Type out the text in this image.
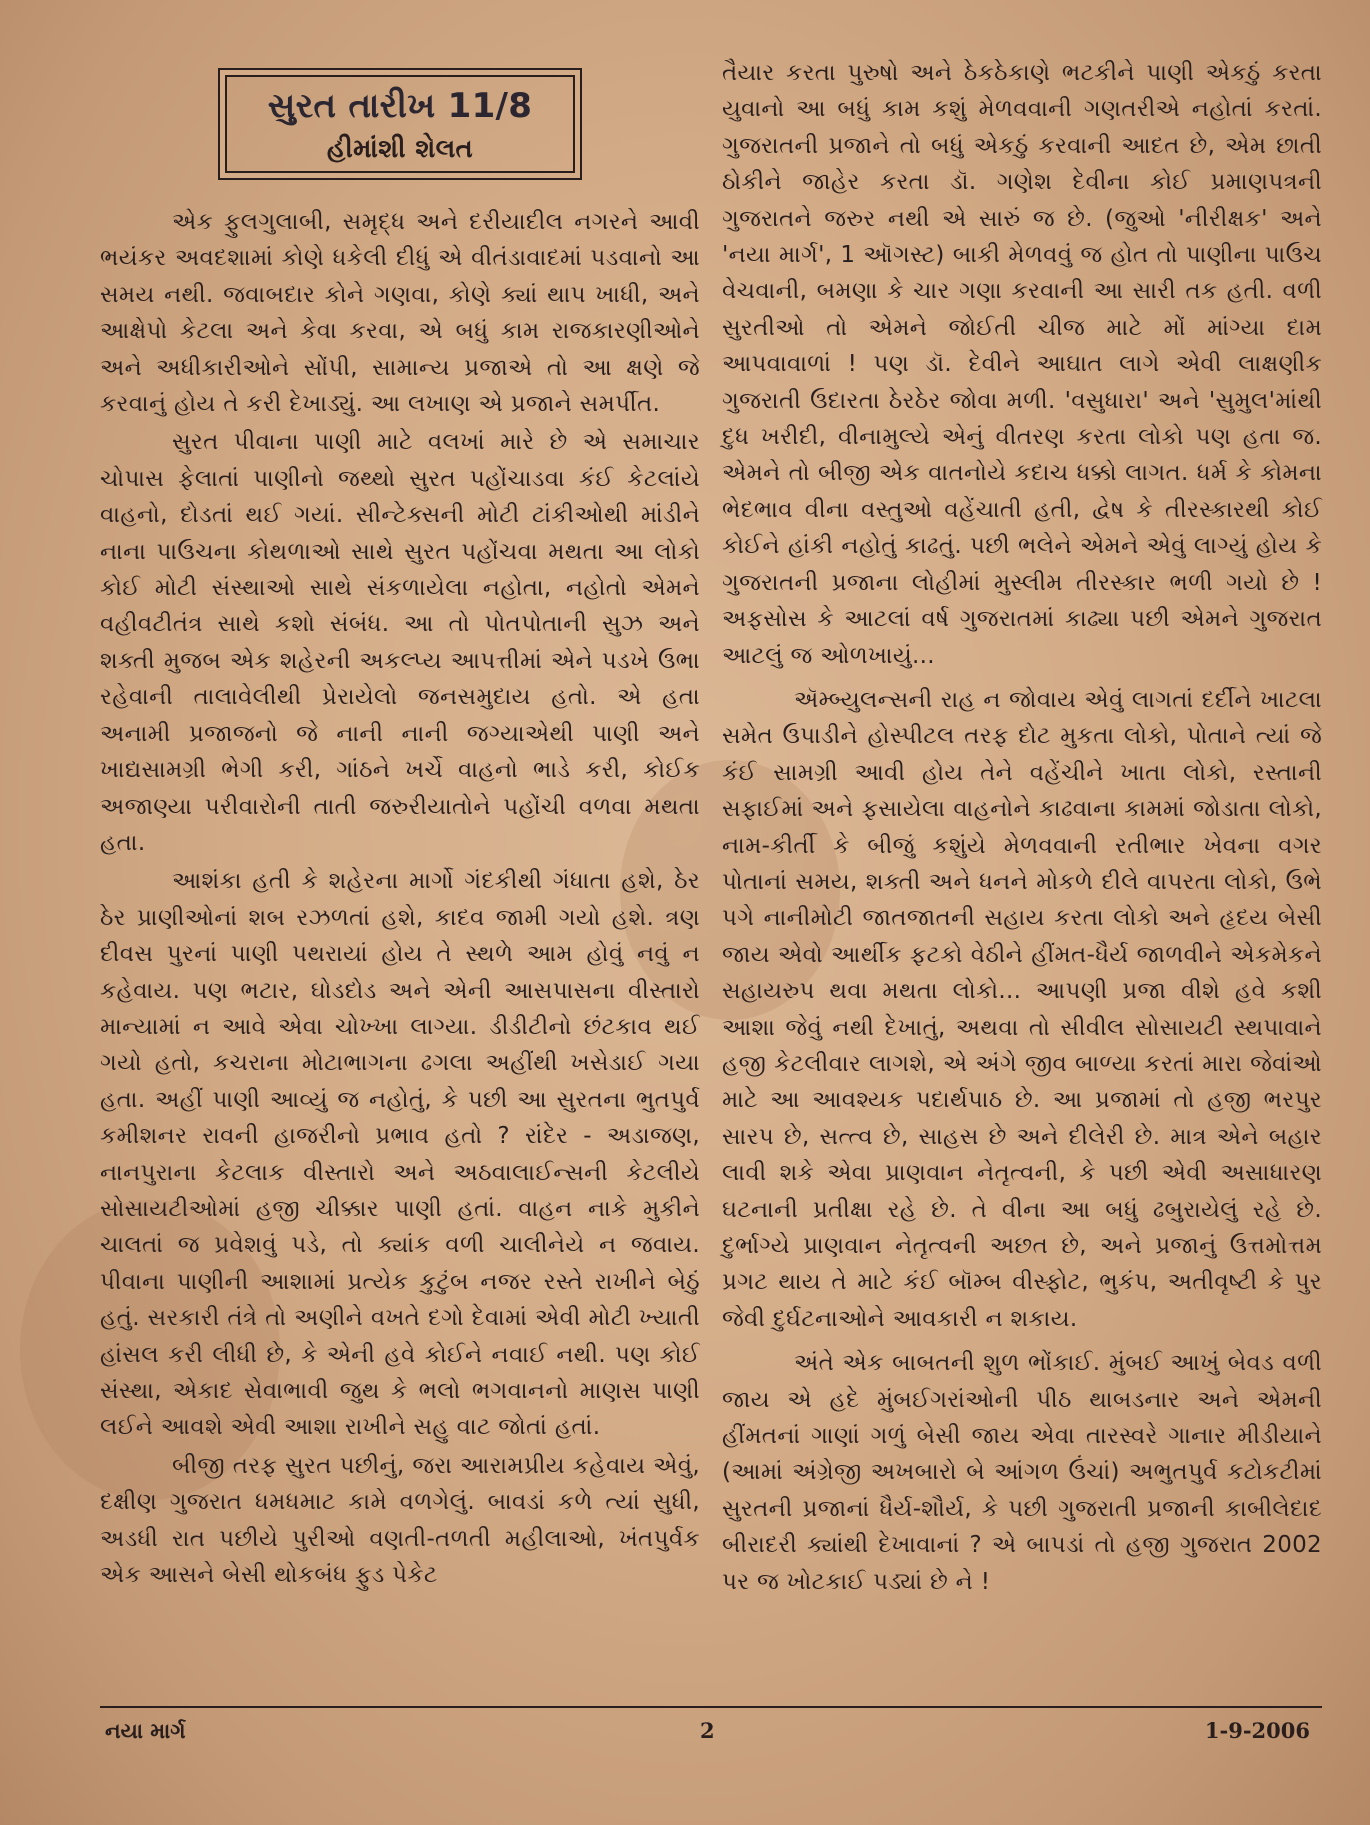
સુરત તારીખ 11/8
હીમાંશી શેલત

એક ફુલગુલાબી, સમૃદ્ધ અને દરીયાદીલ નગરને આવી ભયંકર અવદશામાં કોણે ધકેલી દીધું એ વીતંડાવાદમાં પડવાનો આ સમય નથી. જવાબદાર કોને ગણવા, કોણે ક્યાં થાપ ખાધી, અને આક્ષેપો કેટલા અને કેવા કરવા, એ બધું કામ રાજકારણીઓને અને અધીકારીઓને સોંપી, સામાન્ય પ્રજાએ તો આ ક્ષણે જે કરવાનું હોય તે કરી દેખાડ્યું. આ લખાણ એ પ્રજાને સમર્પીત.

સુરત પીવાના પાણી માટે વલખાં મારે છે એ સમાચાર ચોપાસ ફેલાતાં પાણીનો જથ્થો સુરત પહોંચાડવા કંઈ કેટલાંયે વાહનો, દોડતાં થઈ ગયાં. સીન્ટેક્સની મોટી ટાંકીઓથી માંડીને નાના પાઉચના કોથળાઓ સાથે સુરત પહોંચવા મથતા આ લોકો કોઈ મોટી સંસ્થાઓ સાથે સંકળાયેલા નહોતા, નહોતો એમને વહીવટીતંત્ર સાથે કશો સંબંધ. આ તો પોતપોતાની સુઝ અને શક્તી મુજબ એક શહેરની અકલ્પ્ય આપત્તીમાં એને પડખે ઉભા રહેવાની તાલાવેલીથી પ્રેરાયેલો જનસમુદાય હતો. એ હતા અનામી પ્રજાજનો જે નાની નાની જગ્યાએથી પાણી અને ખાદ્યસામગ્રી ભેગી કરી, ગાંઠને ખર્ચે વાહનો ભાડે કરી, કોઈક અજાણ્યા પરીવારોની તાતી જરુરીયાતોને પહોંચી વળવા મથતા હતા.

આશંકા હતી કે શહેરના માર્ગો ગંદકીથી ગંધાતા હશે, ઠેર ઠેર પ્રાણીઓનાં શબ રઝળતાં હશે, કાદવ જામી ગયો હશે. ત્રણ દીવસ પુરનાં પાણી પથરાયાં હોય તે સ્થળે આમ હોવું નવું ન કહેવાય. પણ ભટાર, ઘોડદોડ અને એની આસપાસના વીસ્તારો માન્યામાં ન આવે એવા ચોખ્ખા લાગ્યા. ડીડીટીનો છંટકાવ થઈ ગયો હતો, કચરાના મોટાભાગના ઢગલા અહીંથી ખસેડાઈ ગયા હતા. અહીં પાણી આવ્યું જ નહોતું, કે પછી આ સુરતના ભુતપુર્વ કમીશનર રાવની હાજરીનો પ્રભાવ હતો ? રાંદેર - અડાજણ, નાનપુરાના કેટલાક વીસ્તારો અને અઠવાલાઈન્સની કેટલીયે સોસાયટીઓમાં હજી ચીક્કાર પાણી હતાં. વાહન નાકે મુકીને ચાલતાં જ પ્રવેશવું પડે, તો ક્યાંક વળી ચાલીનેયે ન જવાય. પીવાના પાણીની આશામાં પ્રત્યેક કુટુંબ નજર રસ્તે રાખીને બેઠું હતું. સરકારી તંત્રે તો અણીને વખતે દગો દેવામાં એવી મોટી ખ્યાતી હાંસલ કરી લીધી છે, કે એની હવે કોઈને નવાઈ નથી. પણ કોઈ સંસ્થા, એકાદ સેવાભાવી જુથ કે ભલો ભગવાનનો માણસ પાણી લઈને આવશે એવી આશા રાખીને સહુ વાટ જોતાં હતાં.

બીજી તરફ સુરત પછીનું, જરા આરામપ્રીય કહેવાય એવું, દક્ષીણ ગુજરાત ધમધમાટ કામે વળગેલું. બાવડાં કળે ત્યાં સુધી, અડધી રાત પછીયે પુરીઓ વણતી-તળતી મહીલાઓ, ખંતપુર્વક એક આસને બેસી થોકબંધ ફુડ પેકેટ

તૈયાર કરતા પુરુષો અને ઠેકઠેકાણે ભટકીને પાણી એકઠું કરતા યુવાનો આ બધું કામ કશું મેળવવાની ગણતરીએ નહોતાં કરતાં. ગુજરાતની પ્રજાને તો બધું એકઠું કરવાની આદત છે, એમ છાતી ઠોકીને જાહેર કરતા ડૉ. ગણેશ દેવીના કોઈ પ્રમાણપત્રની ગુજરાતને જરુર નથી એ સારું જ છે. (જુઓ 'નીરીક્ષક' અને 'નયા માર્ગ', 1 ઑગસ્ટ) બાકી મેળવવું જ હોત તો પાણીના પાઉચ વેચવાની, બમણા કે ચાર ગણા કરવાની આ સારી તક હતી. વળી સુરતીઓ તો એમને જોઈતી ચીજ માટે મોં માંગ્યા દામ આપવાવાળાં ! પણ ડૉ. દેવીને આઘાત લાગે એવી લાક્ષણીક ગુજરાતી ઉદારતા ઠેરઠેર જોવા મળી. 'વસુધારા' અને 'સુમુલ'માંથી દુધ ખરીદી, વીનામુલ્યે એનું વીતરણ કરતા લોકો પણ હતા જ. એમને તો બીજી એક વાતનોયે કદાચ ધક્કો લાગત. ધર્મ કે કોમના ભેદભાવ વીના વસ્તુઓ વહેંચાતી હતી, દ્વેષ કે તીરસ્કારથી કોઈ કોઈને હાંકી નહોતું કાઢતું. પછી ભલેને એમને એવું લાગ્યું હોય કે ગુજરાતની પ્રજાના લોહીમાં મુસ્લીમ તીરસ્કાર ભળી ગયો છે ! અફસોસ કે આટલાં વર્ષ ગુજરાતમાં કાઢ્યા પછી એમને ગુજરાત આટલું જ ઓળખાયું...

ઍમ્બ્યુલન્સની રાહ ન જોવાય એવું લાગતાં દર્દીને ખાટલા સમેત ઉપાડીને હોસ્પીટલ તરફ દોટ મુકતા લોકો, પોતાને ત્યાં જે કંઈ સામગ્રી આવી હોય તેને વહેંચીને ખાતા લોકો, રસ્તાની સફાઈમાં અને ફસાયેલા વાહનોને કાઢવાના કામમાં જોડાતા લોકો, નામ-કીર્તી કે બીજું કશુંયે મેળવવાની રતીભાર ખેવના વગર પોતાનાં સમય, શક્તી અને ધનને મોકળે દીલે વાપરતા લોકો, ઉભે પગે નાનીમોટી જાતજાતની સહાય કરતા લોકો અને હૃદય બેસી જાય એવો આર્થીક ફટકો વેઠીને હીંમત-ધૈર્ય જાળવીને એકમેકને સહાયરુપ થવા મથતા લોકો... આપણી પ્રજા વીશે હવે કશી આશા જેવું નથી દેખાતું, અથવા તો સીવીલ સોસાયટી સ્થપાવાને હજી કેટલીવાર લાગશે, એ અંગે જીવ બાળ્યા કરતાં મારા જેવાંઓ માટે આ આવશ્યક પદાર્થપાઠ છે. આ પ્રજામાં તો હજી ભરપુર સારપ છે, સત્ત્વ છે, સાહસ છે અને દીલેરી છે. માત્ર એને બહાર લાવી શકે એવા પ્રાણવાન નેતૃત્વની, કે પછી એવી અસાધારણ ઘટનાની પ્રતીક્ષા રહે છે. તે વીના આ બધું ઢબુરાયેલું રહે છે. દુર્ભાગ્યે પ્રાણવાન નેતૃત્વની અછત છે, અને પ્રજાનું ઉત્તમોત્તમ પ્રગટ થાય તે માટે કંઈ બૉમ્બ વીસ્ફોટ, ભુકંપ, અતીવૃષ્ટી કે પુર જેવી દુર્ઘટનાઓને આવકારી ન શકાય.

અંતે એક બાબતની શુળ ભોંકાઈ. મુંબઈ આખું બેવડ વળી જાય એ હદે મુંબઈગરાંઓની પીઠ થાબડનાર અને એમની હીંમતનાં ગાણાં ગળું બેસી જાય એવા તારસ્વરે ગાનાર મીડીયાને (આમાં અંગ્રેજી અખબારો બે આંગળ ઉંચાં) અભુતપુર્વ કટોકટીમાં સુરતની પ્રજાનાં ધૈર્ય-શૌર્ય, કે પછી ગુજરાતી પ્રજાની કાબીલેદાદ બીરાદરી ક્યાંથી દેખાવાનાં ? એ બાપડાં તો હજી ગુજરાત 2002 પર જ ખોટકાઈ પડ્યાં છે ને !

નયા માર્ગ	2	1-9-2006
